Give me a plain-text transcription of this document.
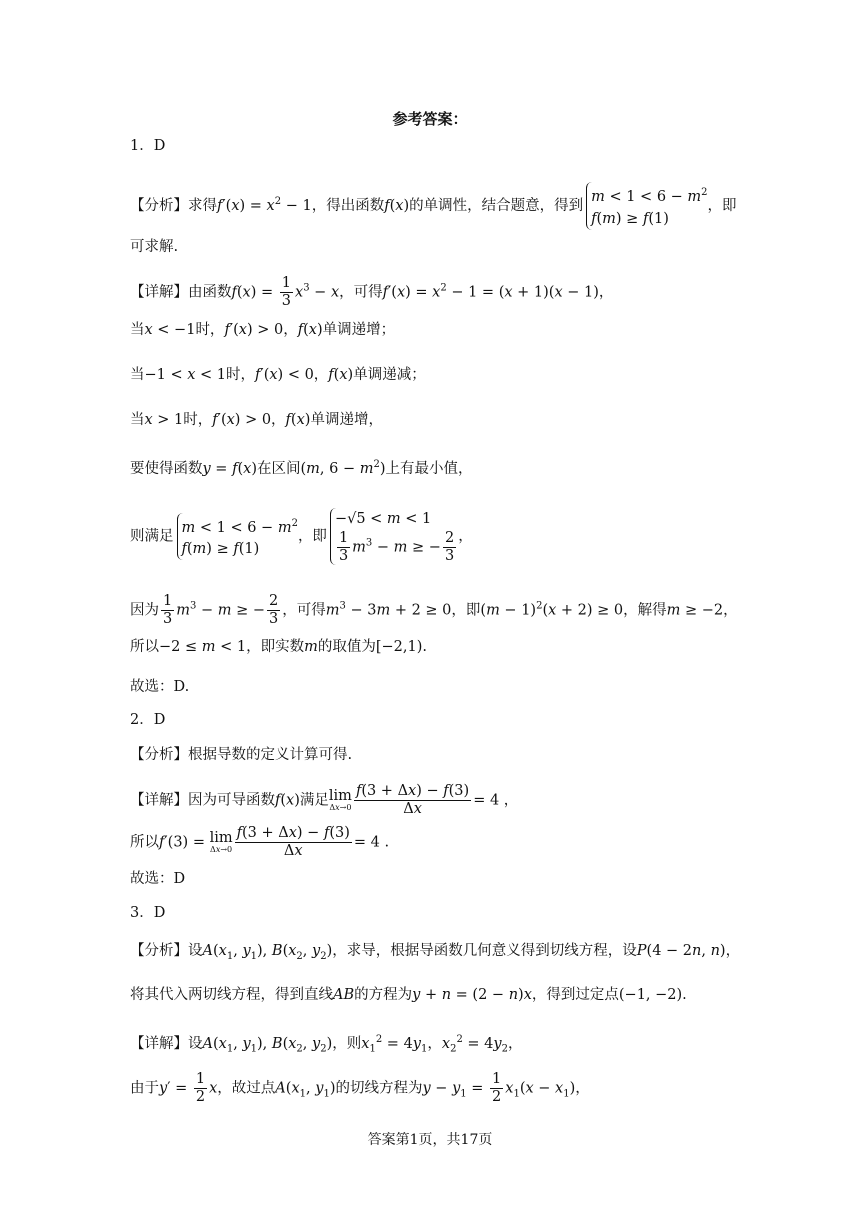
参考答案：
1．D
【分析】求得$f'(x) = x^2 - 1$，得出函数f(x)的单调性，结合题意，得到
$m < 1 < 6 - m^2$
f(m) ≥ f(1)
，即
可求解.
【详解】由函数$f(x) = \frac{1}{3} x^3 - x$，可得$f'(x) = x^2 - 1 = (x + 1)(x - 1)$，
当x < −1时，f′(x) > 0，f(x)单调递增；
当−1 < x < 1时，f′(x) < 0，f(x)单调递减；
当x > 1时，f′(x) > 0，f(x)单调递增，
要使得函数y = f(x)在区间(m, $6 - m^2$)上有最小值，
则满足
$m < 1 < 6 - m^2$
f(m) ≥ f(1)
，即
−√5 < m < 1
$\frac{1}{3} m^3 - m$ ≥ − $\frac{2}{3}$ ，
因为 $\frac{1}{3} m^3 - m$ ≥ − $\frac{2}{3}$ ，可得$m^3 - 3m + 2 \ge 0$，即$(m - 1)^2(x + 2) \ge 0$，解得m ≥ −2，
所以−2 ≤ m < 1，即实数m的取值为[−2,1).
故选：D.
2．D
【分析】根据导数的定义计算可得.
【详解】因为可导函数f(x)满足 lim
$\Delta x\to 0 \frac{f(3 + \Delta x) - f(3)}{\Delta x} = 4$ ，
所以f′(3) = lim
$\Delta x\to 0 \frac{f(3 + \Delta x) - f(3)}{\Delta x} = 4$ .
故选：D
3．D
【分析】设$A(x_1$, $y_1$), $B(x_2$, $y_2$)，求导，根据导函数几何意义得到切线方程，设P(4 − 2n, n)，
将其代入两切线方程，得到直线AB的方程为y + n = (2 − n)x，得到过定点(−1, −2).
【详解】设$A(x_1$, $y_1$), $B(x_2$, $y_2$)，则$x_1^2 = 4y_1$，$x_2^2 = 4y_2$，
由于$y' = \frac{1}{2}$ x，故过点$A(x_1$, $y_1$)的切线方程为$y - y_1 = \frac{1}{2} x_1(x - x_1)$，
答案第1页，共17页
